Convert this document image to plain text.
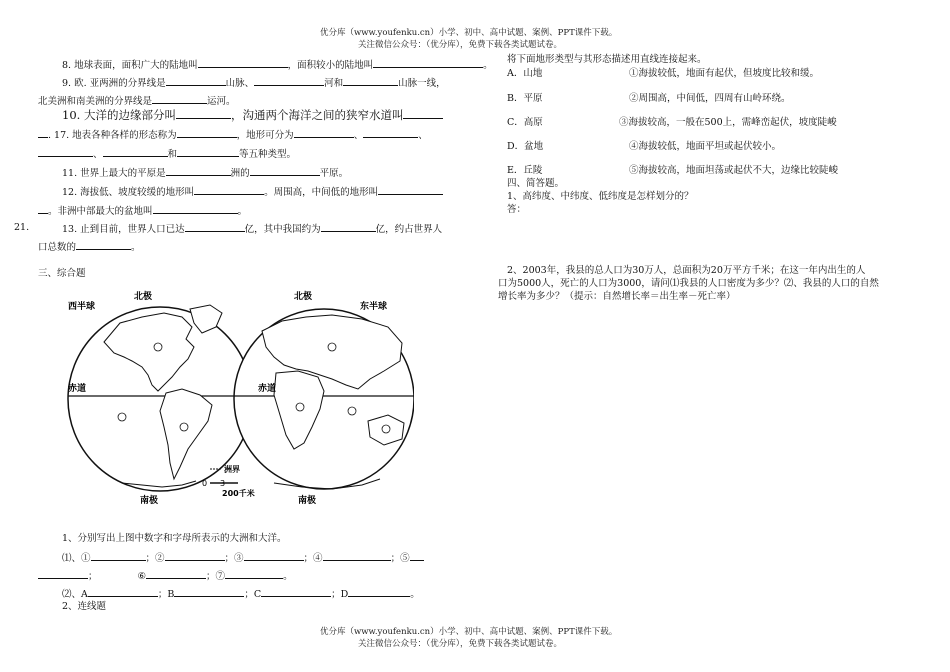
优分库（www.youfenku.cn）小学、初中、高中试题、案例、PPT课件下载。
关注微信公众号：（优分库），免费下载各类试题试卷。
优分库（www.youfenku.cn）小学、初中、高中试题、案例、PPT课件下载。
关注微信公众号：（优分库），免费下载各类试题试卷。
8. 地球表面，面积广大的陆地叫	，面积较小的陆地叫	。
9. 欧. 亚两洲的分界线是	山脉、	河和	山脉一线，
北美洲和南美洲的分界线是	运河。
10. 大洋的边缘部分叫	，沟通两个海洋之间的狭窄水道叫
. 17. 地表各种各样的形态称为	，地形可分为	、	、
、	和	等五种类型。
11. 世界上最大的平原是	洲的	平原。
12. 海拔低、坡度较缓的地形叫	。周围高，中间低的地形叫
。非洲中部最大的盆地叫	。
21.	13. 止到目前，世界人口已达	亿，其中我国约为	亿，约占世界人
口总数的	。
三、综合题
西半球	东半球
北极	北极
赤道	赤道
南极	南极
洲界
0 3
200千米
1、分别写出上图中数字和字母所表示的大洲和大洋。
⑴、①	；②	；③	；④	；⑤
；	⑥	；⑦	。
⑵、A	；B	；C	；D	。
2、连线题
将下面地形类型与其形态描述用直线连接起来。
A．山地	①海拔较低，地面有起伏，但坡度比较和缓。
B．平原	②周围高，中间低，四周有山岭环绕。
C．高原	③海拔较高，一般在500上，需峰峦起伏，坡度陡峻
D．盆地	④海拔较低，地面平坦或起伏较小。
E．丘陵	⑤海拔较高，地面坦荡或起伏不大，边缘比较陡峻
四、简答题。
1、高纬度、中纬度、低纬度是怎样划分的？
答：
2、2003年，我县的总人口为30万人，总面积为20万平方千米；在这一年内出生的人
口为5000人，死亡的人口为3000，请问⑴我县的人口密度为多少？⑵、我县的人口的自然
增长率为多少？（提示：自然增长率＝出生率－死亡率）
